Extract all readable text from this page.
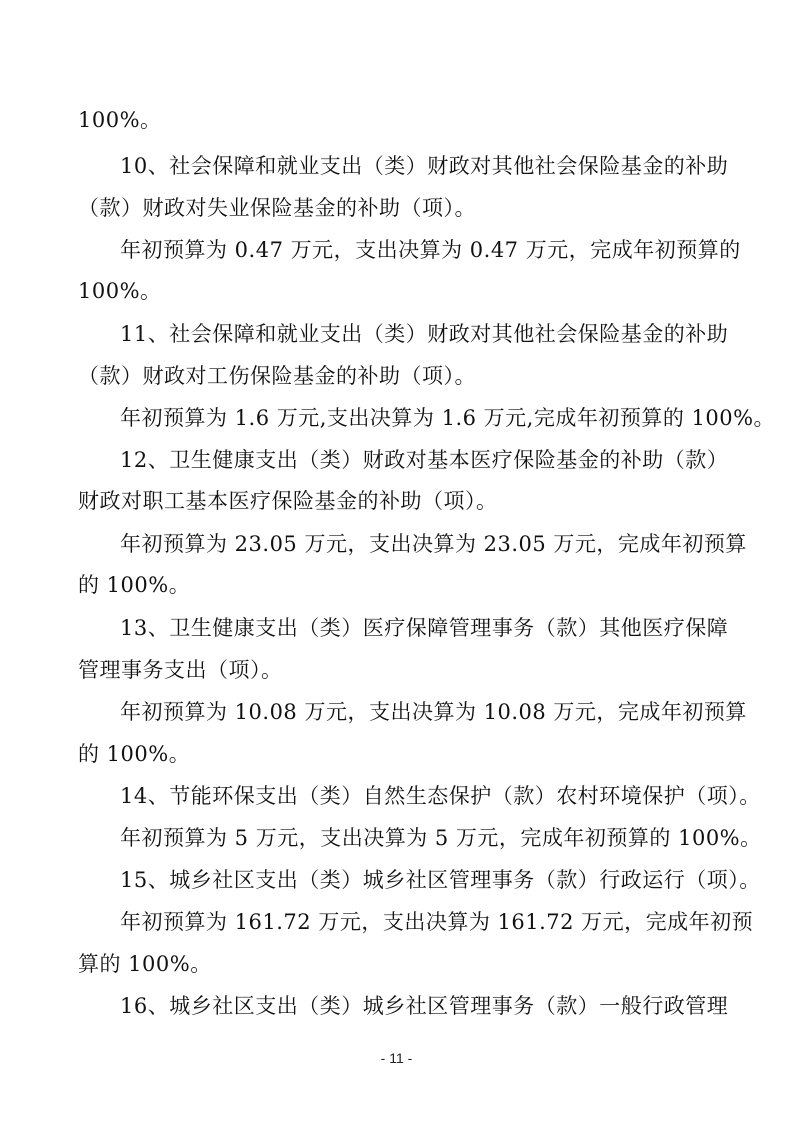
100%。
10、社会保障和就业支出（类）财政对其他社会保险基金的补助
（款）财政对失业保险基金的补助（项）。
年初预算为 0.47 万元，支出决算为 0.47 万元，完成年初预算的
100%。
11、社会保障和就业支出（类）财政对其他社会保险基金的补助
（款）财政对工伤保险基金的补助（项）。
年初预算为 1.6 万元,支出决算为 1.6 万元,完成年初预算的 100%。
12、卫生健康支出（类）财政对基本医疗保险基金的补助（款）
财政对职工基本医疗保险基金的补助（项）。
年初预算为 23.05 万元，支出决算为 23.05 万元，完成年初预算
的 100%。
13、卫生健康支出（类）医疗保障管理事务（款）其他医疗保障
管理事务支出（项）。
年初预算为 10.08 万元，支出决算为 10.08 万元，完成年初预算
的 100%。
14、节能环保支出（类）自然生态保护（款）农村环境保护（项）。
年初预算为 5 万元，支出决算为 5 万元，完成年初预算的 100%。
15、城乡社区支出（类）城乡社区管理事务（款）行政运行（项）。
年初预算为 161.72 万元，支出决算为 161.72 万元，完成年初预
算的 100%。
16、城乡社区支出（类）城乡社区管理事务（款）一般行政管理
- 11 -
